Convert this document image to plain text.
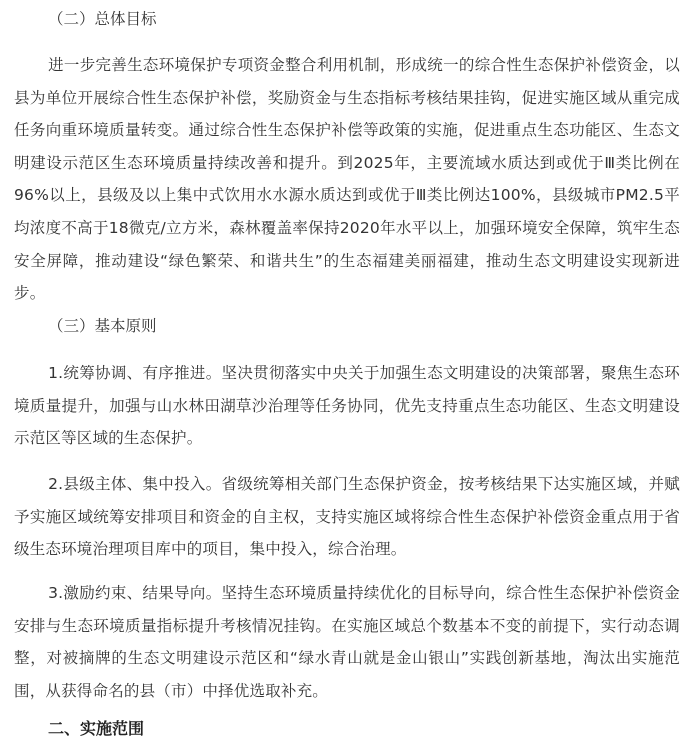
（二）总体目标

进一步完善生态环境保护专项资金整合利用机制，形成统一的综合性生态保护补偿资金，以县为单位开展综合性生态保护补偿，奖励资金与生态指标考核结果挂钩，促进实施区域从重完成任务向重环境质量转变。通过综合性生态保护补偿等政策的实施，促进重点生态功能区、生态文明建设示范区生态环境质量持续改善和提升。到2025年，主要流域水质达到或优于Ⅲ类比例在96%以上，县级及以上集中式饮用水水源水质达到或优于Ⅲ类比例达100%，县级城市PM2.5平均浓度不高于18微克/立方米，森林覆盖率保持2020年水平以上，加强环境安全保障，筑牢生态安全屏障，推动建设“绿色繁荣、和谐共生”的生态福建美丽福建，推动生态文明建设实现新进步。

（三）基本原则

1.统筹协调、有序推进。坚决贯彻落实中央关于加强生态文明建设的决策部署，聚焦生态环境质量提升，加强与山水林田湖草沙治理等任务协同，优先支持重点生态功能区、生态文明建设示范区等区域的生态保护。

2.县级主体、集中投入。省级统筹相关部门生态保护资金，按考核结果下达实施区域，并赋予实施区域统筹安排项目和资金的自主权，支持实施区域将综合性生态保护补偿资金重点用于省级生态环境治理项目库中的项目，集中投入，综合治理。

3.激励约束、结果导向。坚持生态环境质量持续优化的目标导向，综合性生态保护补偿资金安排与生态环境质量指标提升考核情况挂钩。在实施区域总个数基本不变的前提下，实行动态调整，对被摘牌的生态文明建设示范区和“绿水青山就是金山银山”实践创新基地，淘汰出实施范围，从获得命名的县（市）中择优选取补充。

二、实施范围
